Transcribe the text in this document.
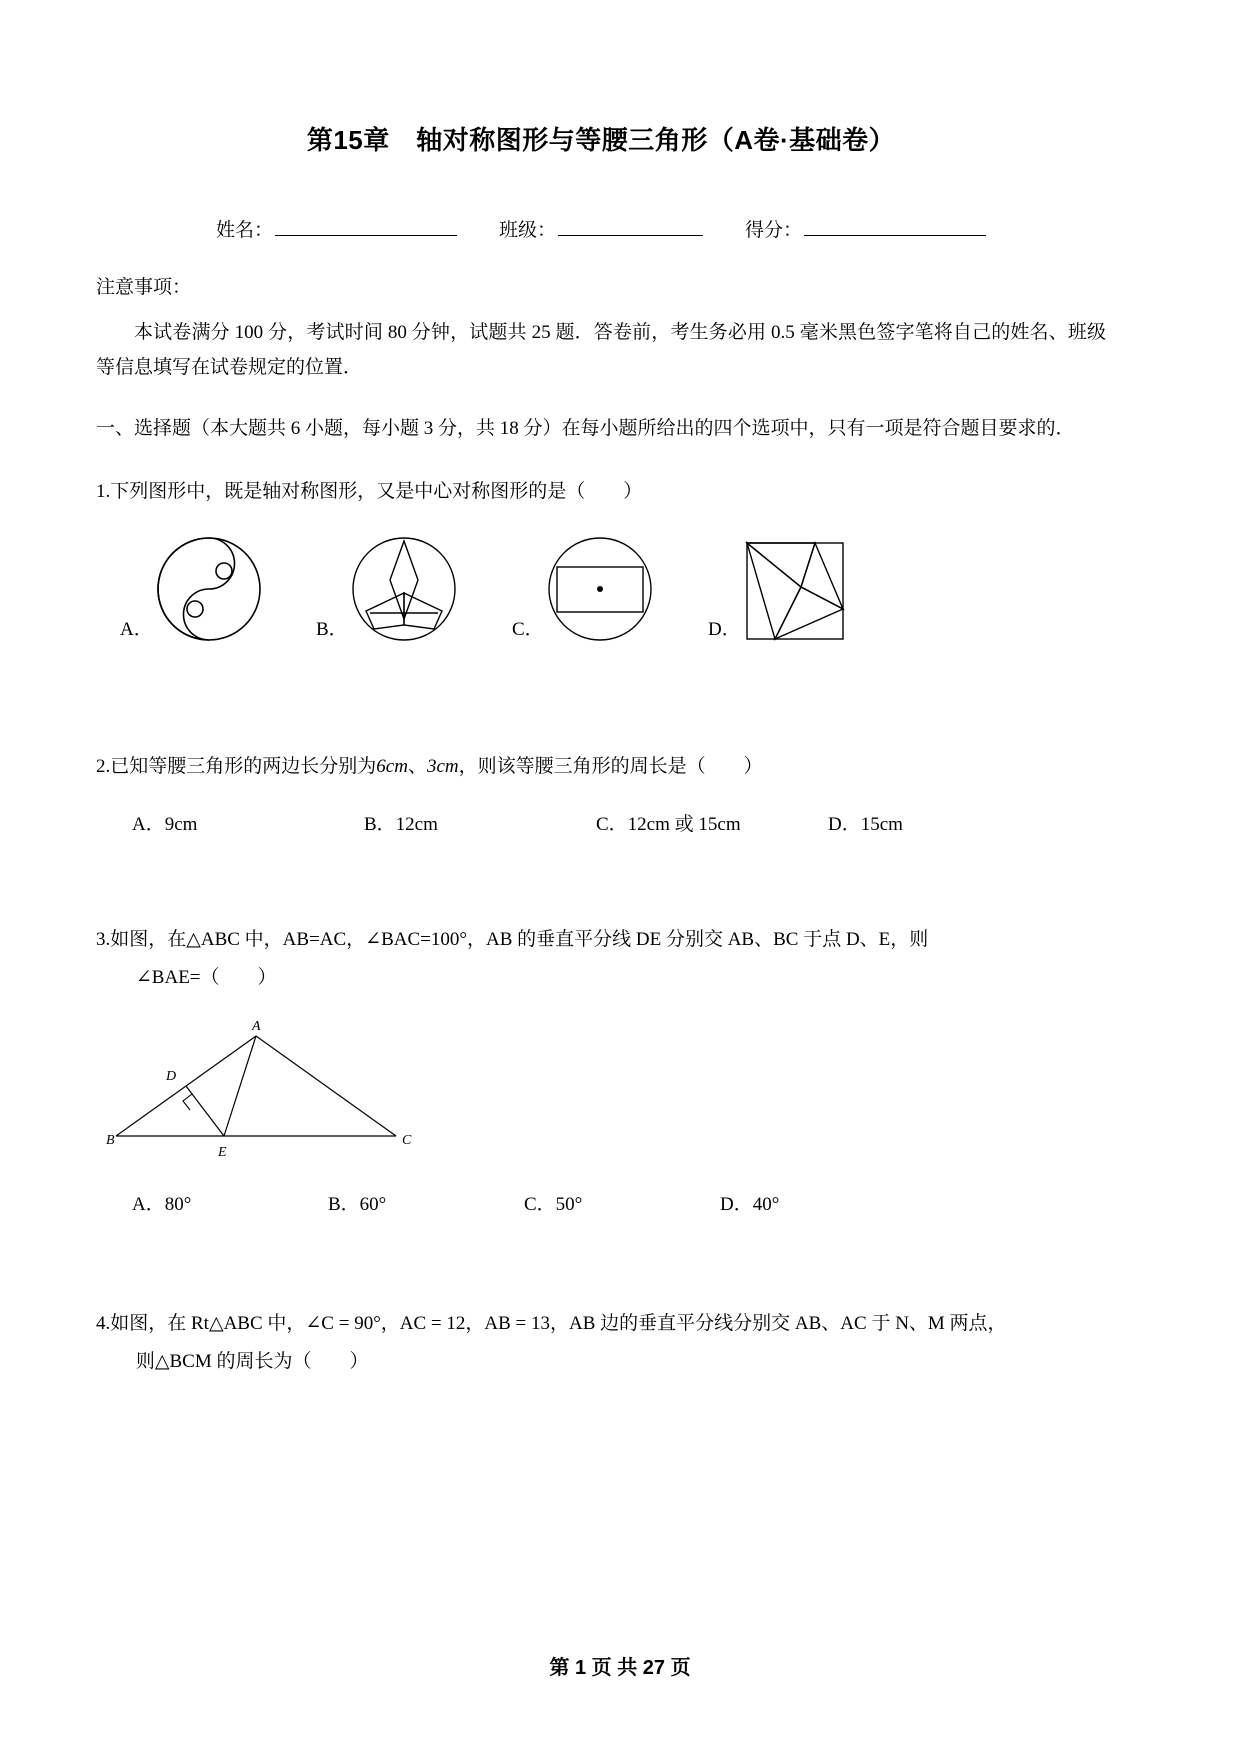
第15章　轴对称图形与等腰三角形（A卷·基础卷）
姓名：	班级：	得分：
注意事项：
本试卷满分 100 分，考试时间 80 分钟，试题共 25 题．答卷前，考生务必用 0.5 毫米黑色签字笔将自己的姓名、班级等信息填写在试卷规定的位置．
一、选择题（本大题共 6 小题，每小题 3 分，共 18 分）在每小题所给出的四个选项中，只有一项是符合题目要求的．
1.下列图形中，既是轴对称图形，又是中心对称图形的是（　　）
A．	B．	C．	D．
2.已知等腰三角形的两边长分别为6cm、3cm，则该等腰三角形的周长是（　　）
A．9cm	B．12cm	C．12cm 或 15cm	D．15cm
3.如图，在△ABC 中，AB=AC，∠BAC=100°，AB 的垂直平分线 DE 分别交 AB、BC 于点 D、E，则
∠BAE=（　　）
A
D
B
E
C
A．80°	B．60°	C．50°	D．40°
4.如图，在 Rt△ABC 中，∠C = 90°，AC = 12，AB = 13，AB 边的垂直平分线分别交 AB、AC 于 N、M 两点，
则△BCM 的周长为（　　）
第 1 页 共 27 页
